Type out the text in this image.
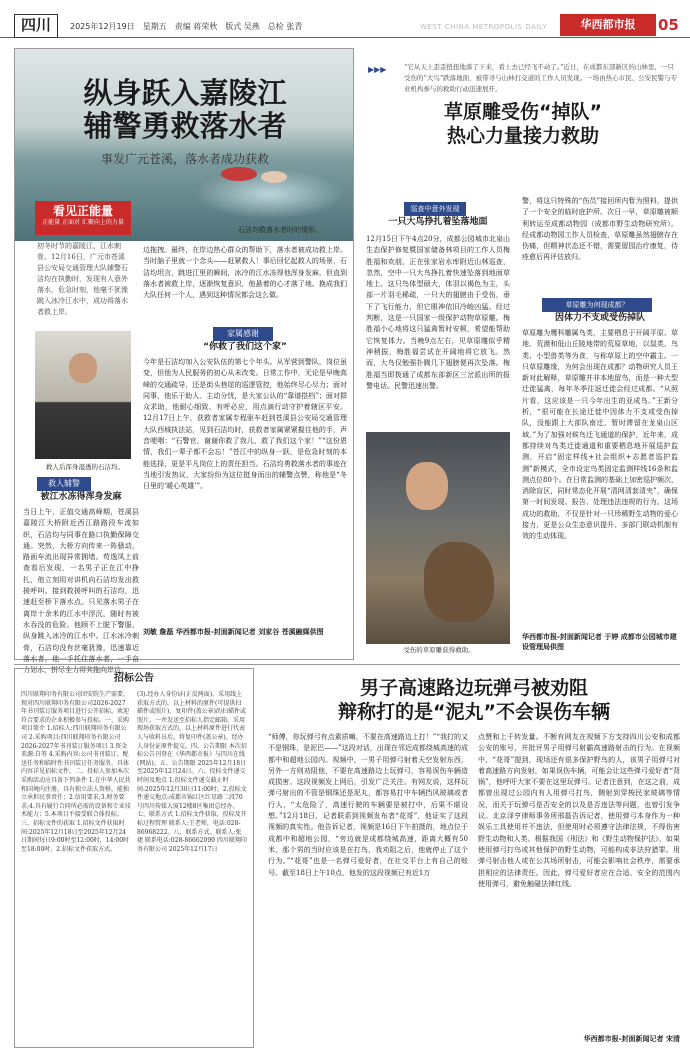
四川	2025年12月19日　星期五　责编 蒋荣秋　版式 吴燕　总检 张青	WEST CHINA METROPOLIS DAILY	华西都市报	05
纵身跃入嘉陵江
辅警勇救落水者
事发广元苍溪，落水者成功获救
石洁均救落水者时的情形。
看见正能量
正能量 正面对 汇聚向上的力量
初冬时节的嘉陵江，江水刺骨。12月16日，广元市苍溪县公安局交通管理大队辅警石洁均在执勤时，发现有人意外落水，危急时刻，他毫不犹豫跳入冰冷江水中，成功将落水者救上岸。
救人后浑身湿透的石洁均。
救人辅警
被江水冻得浑身发麻
当日上午，正值交通高峰期，苍溪县嘉陵江大桥附近西江路路段车流如织，石洁均与同事在路口执勤保障交通。突然，大桥方向传来一阵骚动，路面车流出现异常拥堵。苟逸凤上前查看后发现，一名男子正在江中挣扎，他立刻用对讲机向石洁均发出救援呼叫。接到救援呼叫的石洁均，迅速赶至桥下落水点。只见落水男子在离岸十余米的江水中浮沉，随时有被水吞没的危险。他顾不上脱下警服，纵身跳入冰冷的江水中。江水冰冷刺骨，石洁均没有丝毫犹豫，迅速靠近落水者，他一手托住落水者，一手奋力划水，拼尽全力将其拖向岸边。
边拖拽。最终，在岸边热心群众的帮助下，落水者被成功救上岸。当时脑子里就一个念头——赶紧救人！事后回忆起救人的场景，石洁均坦言，跳进江里的瞬间，冰冷的江水冻得他浑身发麻，但直到落水者被救上岸，逐渐恢复意识，他悬着的心才落了地。换成我们大队任何一个人，遇到这种情况都会这么做。
家属感谢
“你救了我们这个家”
今年是石洁均加入公安队伍的第七个年头。从军营到警队，岗位虽变，但他为人民服务的初心从未改变。日常工作中，无论是早晚高峰的交通疏导，还是街头巷尾的巡逻管控，他始终尽心尽力；面对同事，他乐于助人、主动分忧，是大家公认的“靠谱搭档”；面对群众求助，他耐心细致、有呼必应，用点滴行动守护着辖区平安。12月17日上午，获救者家属专程驱车赶到苍溪县公安局交通管理大队西城执法站，见到石洁均时，获救者家属紧紧握住他的手，声音哽咽：“石警官，谢谢你救了我儿，救了我们这个家！”“这份恩情，我们一辈子都不会忘！”苍江中的纵身一跃，是危急时刻的本能选择，更是平凡岗位上的责任担当。石洁均勇救落水者的事迹在当地引发热议，大家纷纷为这位挺身而出的辅警点赞，称他是“冬日里的‘暖心英雄’”。
刘敏 詹磊 华西都市报-封面新闻记者 刘家谷 苍溪融媒供图
▶▶▶	“它从天上歪歪扭扭地落了下来，看上去已经飞不动了。”近日，在成都东部新区的山林里，一只受伤的“大鸟”跌落地面，被带寻与山林打交道的工作人员发现。一场由热心市民、公安民警与专业机构参与的救助行动迅速展开。
草原雕受伤“掉队”
热心力量接力救助
巡查中意外发现
一只大鸟挣扎着坠落地面
12月15日下午4点20分，成都公园城市北泉山生态保护修复暨国家储备林项目的工作人员梅胜福和欢朋，正在张家岩水库附近山林巡查，忽然，空中一只大鸟挣扎着快速坠落到地面草地上。这只鸟体型硕大，体羽以褐色为主，头部一片羽毛稀疏，一只大的翅膀由于受伤，垂下了飞行能力，但它眼神依旧冷峻凶猛。经过判断，这是一只国家一级保护动物草原雕。梅胜福小心地将这只猛禽暂时安顿，希望能帮助它恢复体力。当晚9点左右，见草原雕似乎精神稍振，梅胜福尝试在开阔地将它放飞。然而，大鸟仅勉强扑腾几下翅膀便再次坠落。梅胜福当即拨通了成都东部新区三岔派出所的报警电话。民警迅速出警。
受伤的草原雕获得救助。
警，将这只特殊的“伤员”接回所内暂为照料，提供了一个安全的临时庇护所。次日一早，草原雕被顺利转运至成都动物园（成都市野生动物研究所）。经成都动物园工作人员检查，草原雕虽然翅膀存在伤痛，但精神状态还不错，需要留园治疗康复，待痊愈后再评估放归。
草原雕为何现成都？
因体力不支或受伤掉队
草原雕为鹰科雕属鸟类，主要栖息于开阔平原、草地、荒漠和低山丘陵地带的荒原草地，以鼠类、鸟类、小型兽类等为食，与称草原上的空中霸主。一只草原雕缘，为何会出现在成都？动物研究人员王新对此解释，草原雕并非本地留鸟，而是一种大型迁徙猛禽，每年冬季往返迁徙会经过成都。“从照片看，这应该是一只今年出生的亚成鸟。”王新分析，“很可能在长途迁徙中因体力不支或受伤掉队，没能跟上大部队南迁，暂时滞留在龙泉山区域。”为了加强对候鸟迁飞通道的保护，近年来，成都持续对鸟类迁徙通道和重要栖息地开展巡护监测，开启“固定样线+社会组织+志愿者巡护监测”新模式，全市设定鸟类固定监测样线16条和监测点位80个。在日常监测的基础上加密巡护频次，消除盲区，同时常态化开展“清网清套清夹”，确保第一时间发现、报告、处理违法违规的行为。这场成功的救助，不仅是针对一只珍稀野生动物的爱心接力，更是公众生态意识提升、多部门联动机制有效的生动体现。
华西都市报-封面新闻记者 于婷 成都市公园城市建设管理局供图
招标公告
四川联翔印务有限公司团安院生产需要，现对四川联翔印务有限公司2026-2027年书刊装订服务项目进行公开招标，欢迎符合要求的企业积极参与投标。一、采购项目简介 1.招标人:四川联翔印务有限公司 2.采购项目:四川联翔印务有限公司2026-2027年书刊装订服务项目 3.资金来源:自筹 4.采购内容:公司书刊装订、配送任务和临时性书刊装订任务服务，具体内容详见招标文件。二、投标人参加本次采购活动应具备下列条件 1.在中华人民共和国境内注册，具有独立法人资格，能独立承担民事责任；2.信用要求;3.财务要求;4.具有履行合同所必需的设备和专业技术能力；5.本项目不接受联合体投标。三、招标文件的获取 1.招标文件获取时间:2025年12月18日至2025年12月24日期间每日9:00时至12:00时，14:00时至18:00时。2.招标文件获取方式。
(3).经办人身份证(正反两面)。采用线上获取方式的，以上材料的原件(可提供扫描件或照片)、复印件(盖公章)的扫描件或照片，一并发送至招标人指定邮箱。采用现场获取方式的，以上材料原件进行代表人与收料员后，将复印件(盖公章)、经办人身份证原件提交。四、公告期限 本次招标公告刊登在《华西都市报》与四川在线(网站)。五、公告期限 2025年12月18日至2025年12月24日。六、投标文件递交时间及地点 1.投标文件递交截止时间:2025年12月30日11:00时。2.投标文件递交地点:成都市锦江区红星路二段70号四川传媒大厦12楼8区集团总经办。七、联系方式 1.招标文件获取、投标及开标过程管理 联系人:王老师，电话:028-86968222。八、联系方式。联系人:张捷 联系电话:028-86662099 四川联翔印务有限公司 2025年12月17日
男子高速路边玩弹弓被劝阻
辩称打的是“泥丸”不会误伤车辆
“师傅，你玩弹弓有点素质嘛，不要在高速路边上打！”“我打的又不是钢珠，是泥巴——”这段对话，出现在邻近成都绕城高速的成都中和超地公园内。视频中，一男子用弹弓射着天空发射东西，另外一方则劝阻他，不要在高速路边上玩弹弓，容易误伤车辆造成损害。这段视频发上网后，引发广泛关注。有网友说，这样玩弹弓射出的不管是钢珠还是泥丸，都容易打中车辆挡风玻璃或者行人，“太危险了，高速行驶的车辆要是被打中，后果不堪设想。”12月18日，记者联系到视频发布者“花哥”，他证实了这段视频的真实性。他告诉记者，视频是16日下午拍摄的，地点位于成都中和超地公园，“旁边就是成都绕城高速，距离大概有50米，那个男的当时应该是在打鸟，我劝阻之后，他就停止了这个行为。”“花哥”也是一名弹弓爱好者，在社交平台上有自己的账号。截至18日上午10点，他发的这段视频已有近1万
点赞和上千转发量。不断有网友在视频下方支持四川公安和成都公安的账号，并批评男子用弹弓射霸高速路射击的行为。在视频中，“花哥”提到，现场还有很多保护野鸟的人，该男子用弹弓对着高速路方向发射，如果误伤车辆，可能会让这些弹弓爱好者“背锅”，他呼吁大家不要在这里玩弹弓。记者注意到，在这之前，成都曾出现过公园内有人用弹弓打鸟，侧射到穿梭民家玻璃等情况，而关于玩弹弓是否安全的以及是否违法等问题，也曾引发争议。北京泽亨律师事务所邢磊告诉记者，使用弹弓本身作为一种娱乐工具使用并不违法，但使用时必须遵守法律法规，不得伤害野生动物和人类。根据我国《刑法》和《野生动物保护法》，如果使用弹弓打鸟或其他保护的野生动物，可能构成非法狩猎罪。用弹弓射击他人或在公共场所射击，可能会影响社会秩序，需要承担相应的法律责任。因此，弹弓爱好者应在合适、安全的范围内使用弹弓，避免触碰法律红线。
华西都市报-封面新闻记者 宋清
